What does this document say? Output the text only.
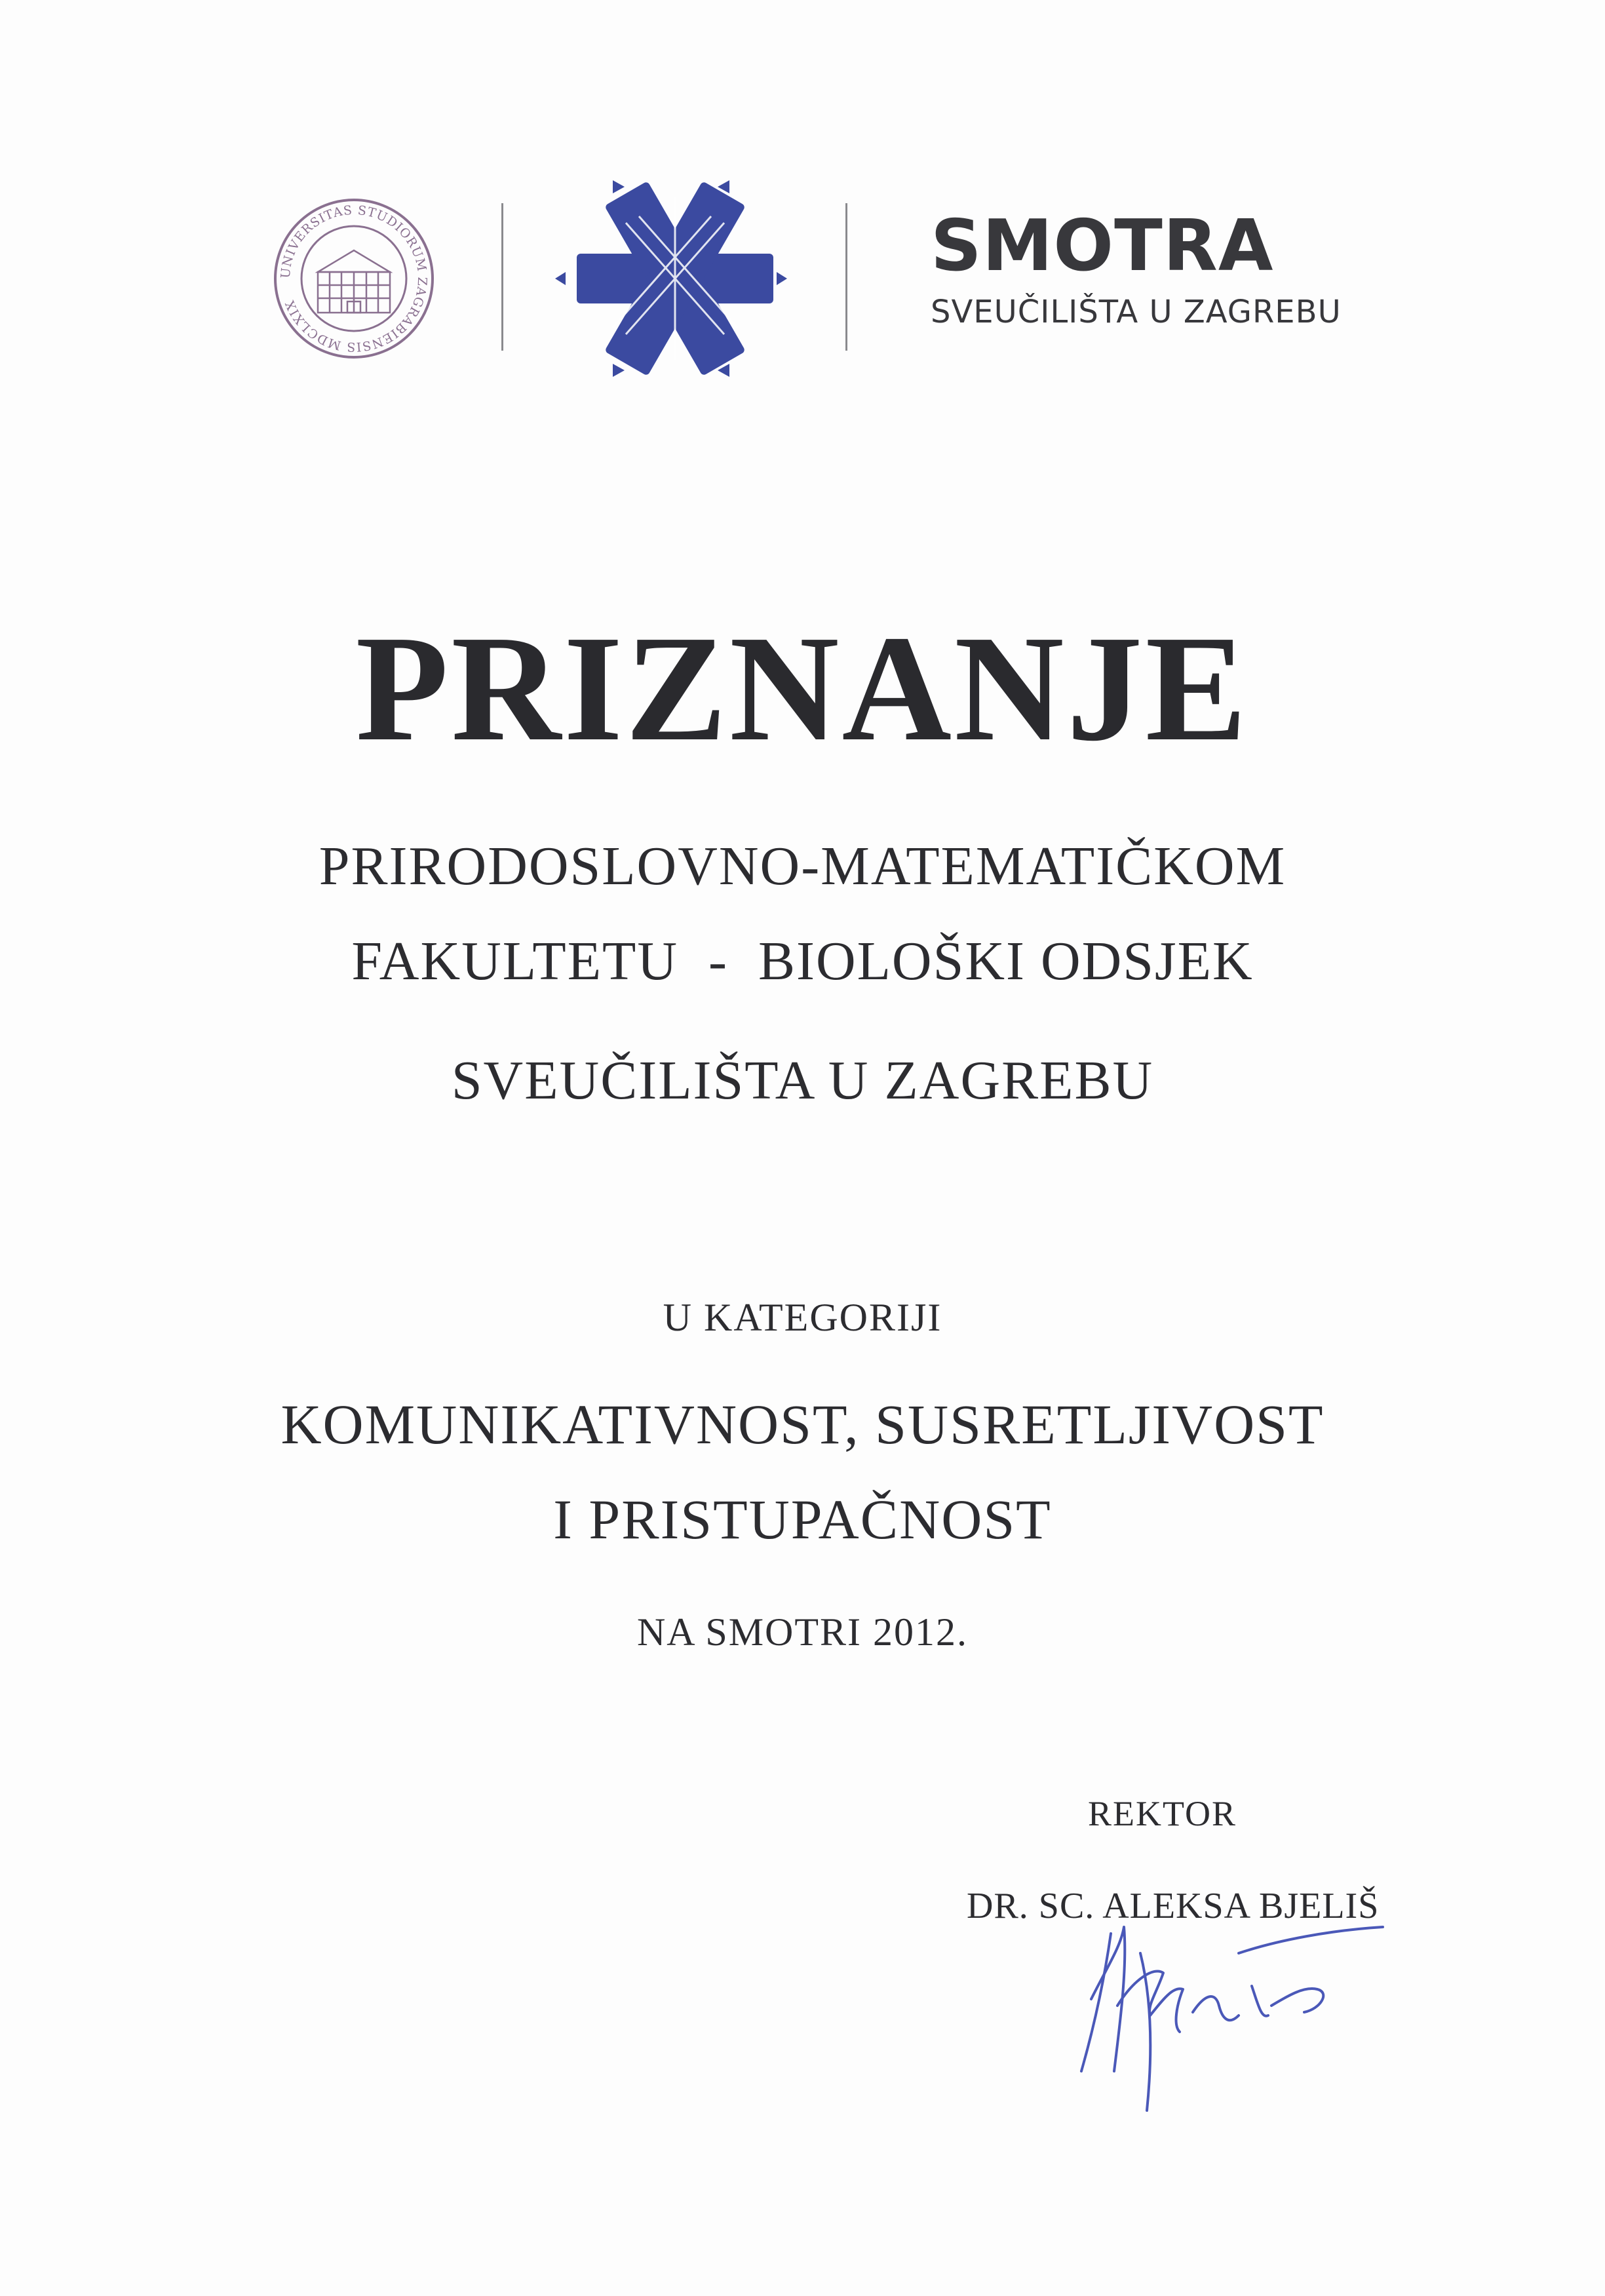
UNIVERSITAS STUDIORUM ZAGRABIENSIS MDCLXIX
SMOTRA
SVEUČILIŠTA U ZAGREBU
PRIZNANJE

PRIRODOSLOVNO-MATEMATIČKOM

FAKULTETU  -  BIOLOŠKI ODSJEK

SVEUČILIŠTA U ZAGREBU

U KATEGORIJI

KOMUNIKATIVNOST, SUSRETLJIVOST

I PRISTUPAČNOST

NA SMOTRI 2012.

REKTOR

DR. SC. ALEKSA BJELIŠ
